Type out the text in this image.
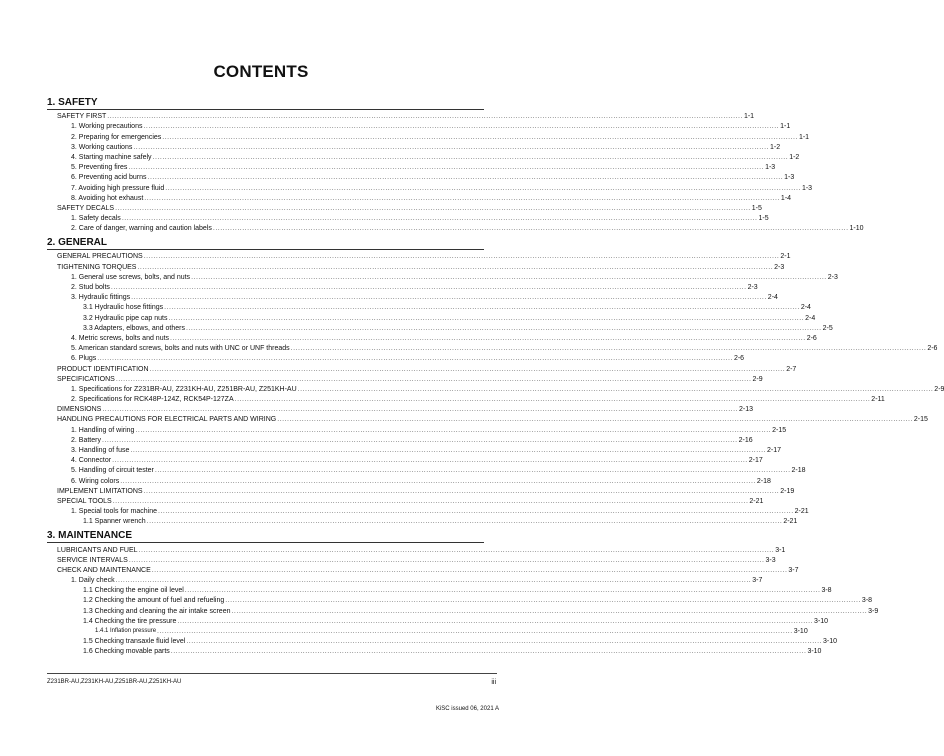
CONTENTS
1. SAFETY
SAFETY FIRST .................................................................................................................................................................................................................................................................... 1-1
1. Working precautions .................................................................................................................................................................................................................................................................... 1-1
2. Preparing for emergencies .................................................................................................................................................................................................................................................................... 1-1
3. Working cautions .................................................................................................................................................................................................................................................................... 1-2
4. Starting machine safely .................................................................................................................................................................................................................................................................... 1-2
5. Preventing fires .................................................................................................................................................................................................................................................................... 1-3
6. Preventing acid burns .................................................................................................................................................................................................................................................................... 1-3
7. Avoiding high pressure fluid .................................................................................................................................................................................................................................................................... 1-3
8. Avoiding hot exhaust .................................................................................................................................................................................................................................................................... 1-4
SAFETY DECALS .................................................................................................................................................................................................................................................................... 1-5
1. Safety decals .................................................................................................................................................................................................................................................................... 1-5
2. Care of danger, warning and caution labels .................................................................................................................................................................................................................................................................... 1-10
2. GENERAL
GENERAL PRECAUTIONS .................................................................................................................................................................................................................................................................... 2-1
TIGHTENING TORQUES .................................................................................................................................................................................................................................................................... 2-3
1. General use screws, bolts, and nuts .................................................................................................................................................................................................................................................................... 2-3
2. Stud bolts .................................................................................................................................................................................................................................................................... 2-3
3. Hydraulic fittings .................................................................................................................................................................................................................................................................... 2-4
3.1 Hydraulic hose fittings .................................................................................................................................................................................................................................................................... 2-4
3.2 Hydraulic pipe cap nuts .................................................................................................................................................................................................................................................................... 2-4
3.3 Adapters, elbows, and others .................................................................................................................................................................................................................................................................... 2-5
4. Metric screws, bolts and nuts .................................................................................................................................................................................................................................................................... 2-6
5. American standard screws, bolts and nuts with UNC or UNF threads .................................................................................................................................................................................................................................................................... 2-6
6. Plugs .................................................................................................................................................................................................................................................................... 2-6
PRODUCT IDENTIFICATION .................................................................................................................................................................................................................................................................... 2-7
SPECIFICATIONS .................................................................................................................................................................................................................................................................... 2-9
1. Specifications for Z231BR-AU, Z231KH-AU, Z251BR-AU, Z251KH-AU .................................................................................................................................................................................................................................................................... 2-9
2. Specifications for RCK48P-124Z, RCK54P-127ZA .................................................................................................................................................................................................................................................................... 2-11
DIMENSIONS .................................................................................................................................................................................................................................................................... 2-13
HANDLING PRECAUTIONS FOR ELECTRICAL PARTS AND WIRING .................................................................................................................................................................................................................................................................... 2-15
1. Handling of wiring .................................................................................................................................................................................................................................................................... 2-15
2. Battery .................................................................................................................................................................................................................................................................... 2-16
3. Handling of fuse .................................................................................................................................................................................................................................................................... 2-17
4. Connector .................................................................................................................................................................................................................................................................... 2-17
5. Handling of circuit tester .................................................................................................................................................................................................................................................................... 2-18
6. Wiring colors .................................................................................................................................................................................................................................................................... 2-18
IMPLEMENT LIMITATIONS .................................................................................................................................................................................................................................................................... 2-19
SPECIAL TOOLS .................................................................................................................................................................................................................................................................... 2-21
1. Special tools for machine .................................................................................................................................................................................................................................................................... 2-21
1.1 Spanner wrench .................................................................................................................................................................................................................................................................... 2-21
3. MAINTENANCE
LUBRICANTS AND FUEL .................................................................................................................................................................................................................................................................... 3-1
SERVICE INTERVALS .................................................................................................................................................................................................................................................................... 3-3
CHECK AND MAINTENANCE .................................................................................................................................................................................................................................................................... 3-7
1. Daily check .................................................................................................................................................................................................................................................................... 3-7
1.1 Checking the engine oil level .................................................................................................................................................................................................................................................................... 3-8
1.2 Checking the amount of fuel and refueling .................................................................................................................................................................................................................................................................... 3-8
1.3 Checking and cleaning the air intake screen .................................................................................................................................................................................................................................................................... 3-9
1.4 Checking the tire pressure .................................................................................................................................................................................................................................................................... 3-10
1.4.1 Inflation pressure .................................................................................................................................................................................................................................................................... 3-10
1.5 Checking transaxle fluid level .................................................................................................................................................................................................................................................................... 3-10
1.6 Checking movable parts .................................................................................................................................................................................................................................................................... 3-10
Z231BR-AU,Z231KH-AU,Z251BR-AU,Z251KH-AU	iii
KiSC issued 06, 2021 A
